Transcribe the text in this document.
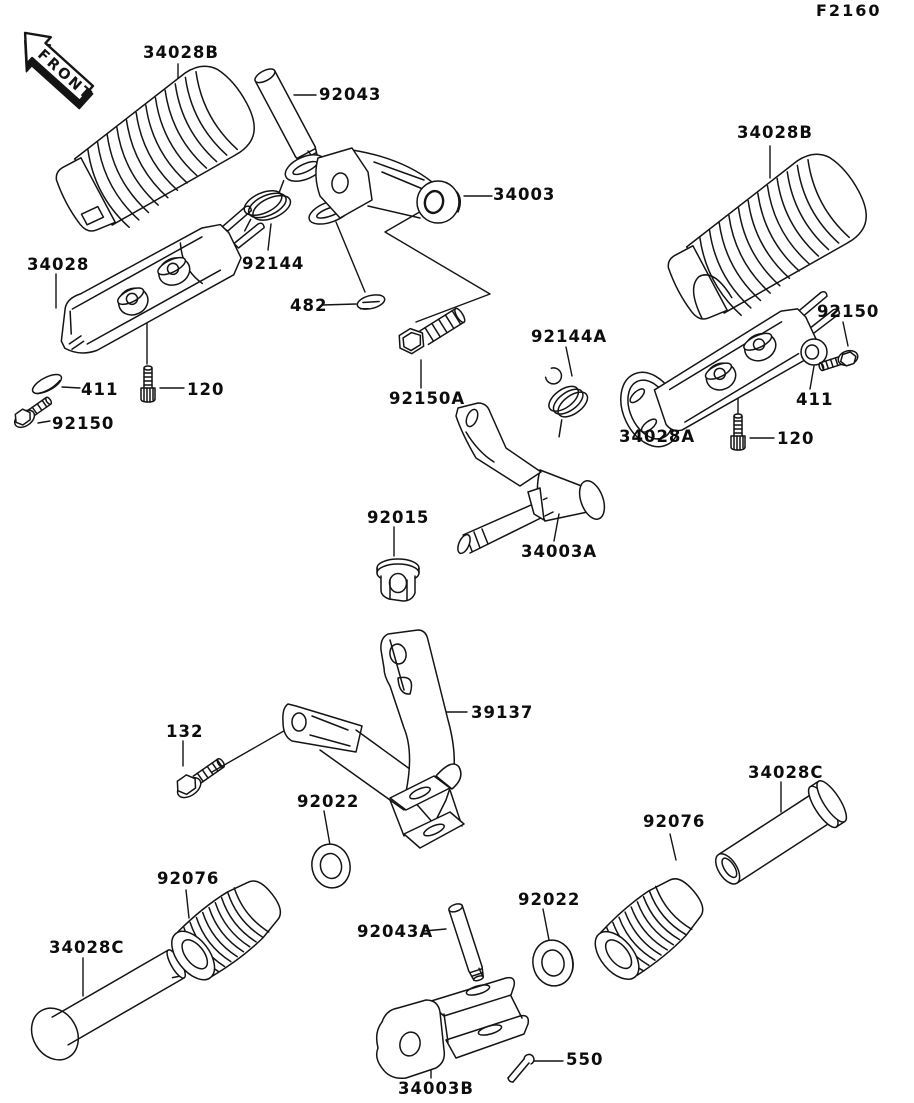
FRONT
F2160
34028B
92043
34003
34028B
92144
482
34028
92150
92144A
92150A
411	120
92150
411
34028A	120
92015
34003A
39137
132
92022
34028C
92076
92076
92022
92043A
34028C
550
34003B
